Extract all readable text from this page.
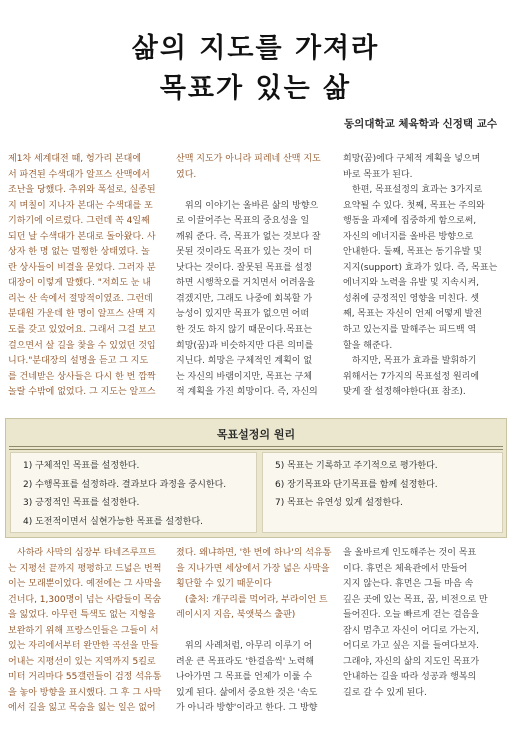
삶의 지도를 가져라
목표가 있는 삶
동의대학교 체육학과 신정택 교수
제1차 세계대전 때, 헝가리 본대에
서 파견된 수색대가 알프스 산맥에서
조난을 당했다. 추위와 폭설로, 실종된
지 며칠이 지나자 본대는 수색대를 포
기하기에 이르렀다. 그런데 꼭 4일째
되던 날 수색대가 본대로 돌아왔다. 사
상자 한 명 없는 멀쩡한 상태였다. 놀
란 상사들이 비결을 묻었다. 그러자 분
대장이 이렇게 말했다. "저희도 눈 내
리는 산 속에서 절망적이였죠. 그런데
분대원 가운데 한 명이 알프스 산맥 지
도를 갖고 있었어요. 그래서 그걸 보고
걸으면서 살 길을 찾을 수 있었던 것입
니다."분대장의 설명을 듣고 그 지도
를 건네받은 상사들은 다시 한 번 깜짝
놀랄 수밖에 없었다. 그 지도는 알프스
산맥 지도가 아니라 피레네 산맥 지도
였다.
위의 이야기는 올바른 삶의 방향으
로 이끌어주는 목표의 중요성을 일
깨워 준다. 즉, 목표가 없는 것보다 잘
못된 것이라도 목표가 있는 것이 더
낫다는 것이다. 잘못된 목표를 설정
하면 시행착오를 거치면서 어려움을
겪겠지만, 그래도 나중에 회복할 가
능성이 있지만 목표가 없으면 어떠
한 것도 하지 않기 때문이다.목표는
희망(꿈)과 비슷하지만 다른 의미를
지닌다. 희망은 구체적인 계획이 없
는 자신의 바램이지만, 목표는 구체
적 계획을 가진 희망이다. 즉, 자신의
희망(꿈)에다 구체적 계획을 넣으며
바로 목표가 된다.
한편, 목표설정의 효과는 3가지로
요약될 수 있다. 첫째, 목표는 주의와
행동을 과제에 집중하게 함으로써,
자신의 에너지를 올바른 방향으로
안내한다. 둘째, 목표는 동기유발 및
지지(support) 효과가 있다. 즉, 목표는
에너지와 노력을 유발 및 지속시켜,
성취에 긍정적인 영향을 미친다. 셋
째, 목표는 자신이 언제 어떻게 발전
하고 있는지를 말해주는 피드백 역
할을 해준다.
하지만, 목표가 효과를 발휘하기
위해서는 7가지의 목표설정 원리에
맞게 잘 설정해야한다(표 참조).
목표설정의 원리
1) 구체적인 목표를 설정한다.
2) 수행목표를 설정하라. 결과보다 과정을 중시한다.
3) 긍정적인 목표를 설정한다.
4) 도전적이면서 실현가능한 목표를 설정한다.
5) 목표는 기록하고 주기적으로 평가한다.
6) 장기목표와 단기목표를 함께 설정한다.
7) 목표는 유연성 있게 설정한다.
사하라 사막의 심장부 타네즈루프트
는 지평선 끝까지 평평하고 드넓은 번쩍
이는 모래뿐이었다. 예전에는 그 사막을
건너다, 1,300명이 넘는 사람들이 목숨
을 잃었다. 아무런 특색도 없는 지형을
보완하기 위해 프랑스인들은 그들이 서
있는 자리에서부터 완만한 곡선을 만들
어내는 지평선이 있는 지역까지 5킬로
미터 거리마다 55갤런들이 검정 석유통
을 놓아 방향을 표시했다. 그 후 그 사막
에서 길을 잃고 목숨을 잃는 일은 없어
졌다. 왜냐하면, '한 번에 하나'의 석유통
을 지나가면 세상에서 가장 넓은 사막을
횡단할 수 있기 때문이다
(출처: 개구리를 먹어라, 부라이언 트
레이시지 지음, 북앳북스 출판)
위의 사례처럼, 아무리 이루기 어
려운 큰 목표라도 '한걸음씩' 노력해
나아가면 그 목표를 언제가 이룰 수
있게 된다. 삶에서 중요한 것은 '속도
가 아니라 방향'이라고 한다. 그 방향
을 올바르게 인도해주는 것이 목표
이다. 휴먼은 체육관에서 만들어
지지 않는다. 휴먼은 그들 마음 속
깊은 곳에 있는 목표, 꿈, 비전으로 만
들어진다. 오늘 빠르게 걷는 걸음을
잠시 멈추고 자신이 어디로 가는지,
어디로 가고 싶은 지를 들여다보자.
그래야, 자신의 삶의 지도인 목표가
안내하는 길을 따라 성공과 행복의
길로 갈 수 있게 된다.
